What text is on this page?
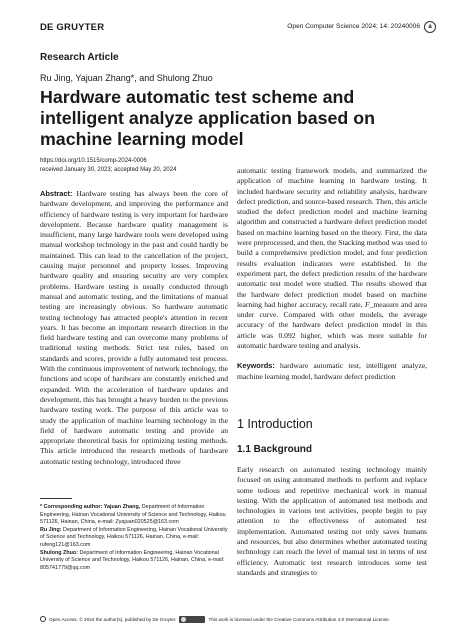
DE GRUYTER	Open Computer Science 2024; 14: 20240006	a
Research Article
Ru Jing, Yajuan Zhang*, and Shulong Zhuo
Hardware automatic test scheme and intelligent analyze application based on machine learning model
https://doi.org/10.1515/comp-2024-0006
received January 30, 2023; accepted May 20, 2024

Abstract: Hardware testing has always been the core of hardware development, and improving the performance and efficiency of hardware testing is very important for hardware development. Because hardware quality management is insufficient, many large hardware tools were developed using manual workshop technology in the past and could hardly be maintained. This can lead to the cancellation of the project, causing major personnel and property losses. Improving hardware quality and ensuring security are very complex problems. Hardware testing is usually conducted through manual and automatic testing, and the limitations of manual testing are increasingly obvious. So hardware automatic testing technology has attracted people's attention in recent years. It has become an important research direction in the field hardware testing and can overcome many problems of traditional testing methods. Strict test rules, based on standards and scores, provide a fully automated test process. With the continuous improvement of network technology, the functions and scope of hardware are constantly enriched and expanded. With the acceleration of hardware updates and development, this has brought a heavy burden to the previous hardware testing work. The purpose of this article was to study the application of machine learning technology in the field of hardware automatic testing and provide an appropriate theoretical basis for optimizing testing methods. This article introduced the research methods of hardware automatic testing technology, introduced three

automatic testing framework models, and summarized the application of machine learning in hardware testing. It included hardware security and reliability analysis, hardware defect prediction, and source-based research. Then, this article studied the defect prediction model and machine learning algorithm and constructed a hardware defect prediction model based on machine learning based on the theory. First, the data were preprocessed, and then, the Stacking method was used to build a comprehensive prediction model, and four prediction results evaluation indicators were established. In the experiment part, the defect prediction results of the hardware automatic test model were studied. The results showed that the hardware defect prediction model based on machine learning had higher accuracy, recall rate, F_measure and area under curve. Compared with other models, the average accuracy of the hardware defect prediction model in this article was 0.092 higher, which was more suitable for automatic hardware testing and analysis.

Keywords: hardware automatic test, intelligent analyze, machine learning model, hardware defect prediction

1 Introduction
1.1 Background

Early research on automated testing technology mainly focused on using automated methods to perform and replace some tedious and repetitive mechanical work in manual testing. With the application of automated test methods and technologies in various test activities, people begin to pay attention to the effectiveness of automated test implementation. Automated testing not only saves humans and resources, but also determines whether automated testing technology can reach the level of manual test in terms of test efficiency. Automatic test research introduces some test standards and strategies to

* Corresponding author: Yajuan Zhang, Department of Information Engineering, Hainan Vocational University of Science and Technology, Haikou 571126, Hainan, China, e-mail: Zyajuan020525@163.com

Ru Jing: Department of Information Engineering, Hainan Vocational University of Science and Technology, Haikou 571126, Hainan, China, e-mail: rufeng121@163.com

Shulong Zhuo: Department of Information Engineering, Hainan Vocational University of Science and Technology, Haikou 571126, Hainan, China, e-mail: 805741779@qq.com

Open Access. © 2024 the author(s), published by De Gruyter.	This work is licensed under the Creative Commons Attribution 4.0 International License.
